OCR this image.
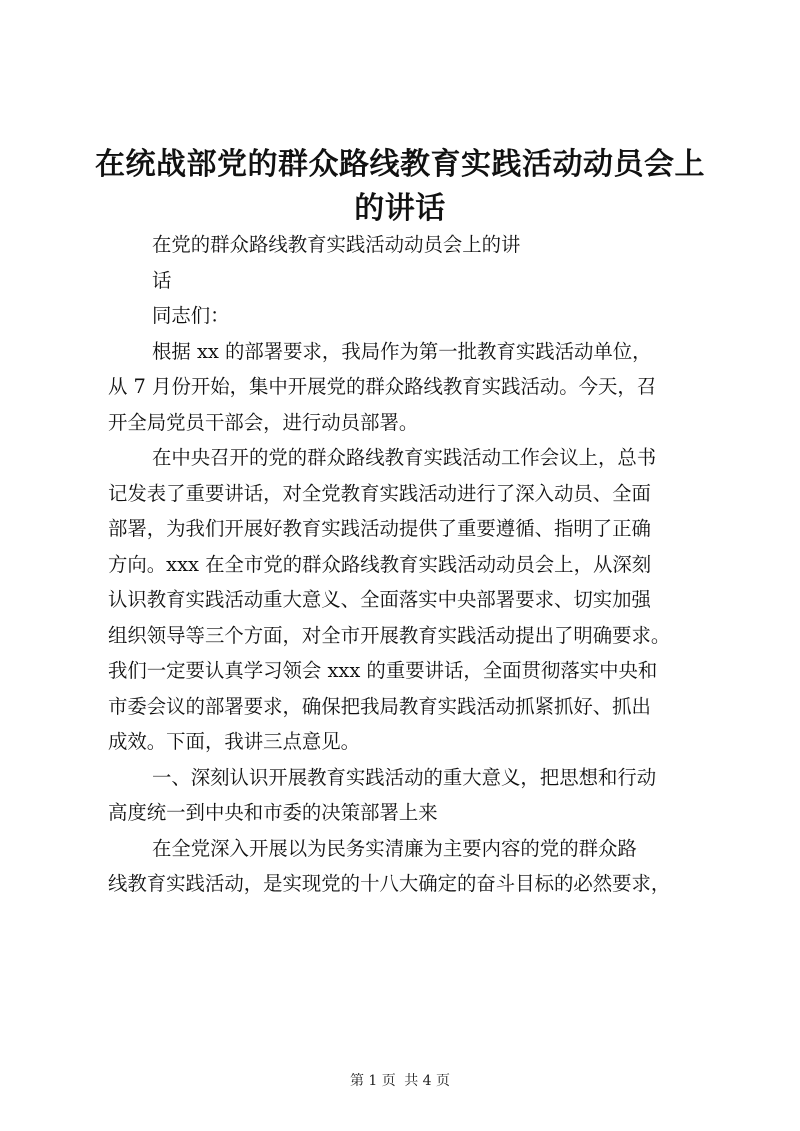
在统战部党的群众路线教育实践活动动员会上
的讲话
在党的群众路线教育实践活动动员会上的讲
话
同志们：
根据 xx 的部署要求，我局作为第一批教育实践活动单位，
从 7 月份开始，集中开展党的群众路线教育实践活动。今天，召
开全局党员干部会，进行动员部署。
在中央召开的党的群众路线教育实践活动工作会议上，总书
记发表了重要讲话，对全党教育实践活动进行了深入动员、全面
部署，为我们开展好教育实践活动提供了重要遵循、指明了正确
方向。xxx 在全市党的群众路线教育实践活动动员会上，从深刻
认识教育实践活动重大意义、全面落实中央部署要求、切实加强
组织领导等三个方面，对全市开展教育实践活动提出了明确要求。
我们一定要认真学习领会 xxx 的重要讲话，全面贯彻落实中央和
市委会议的部署要求，确保把我局教育实践活动抓紧抓好、抓出
成效。下面，我讲三点意见。
一、深刻认识开展教育实践活动的重大意义，把思想和行动
高度统一到中央和市委的决策部署上来
在全党深入开展以为民务实清廉为主要内容的党的群众路
线教育实践活动，是实现党的十八大确定的奋斗目标的必然要求，
第 1 页 共 4 页
